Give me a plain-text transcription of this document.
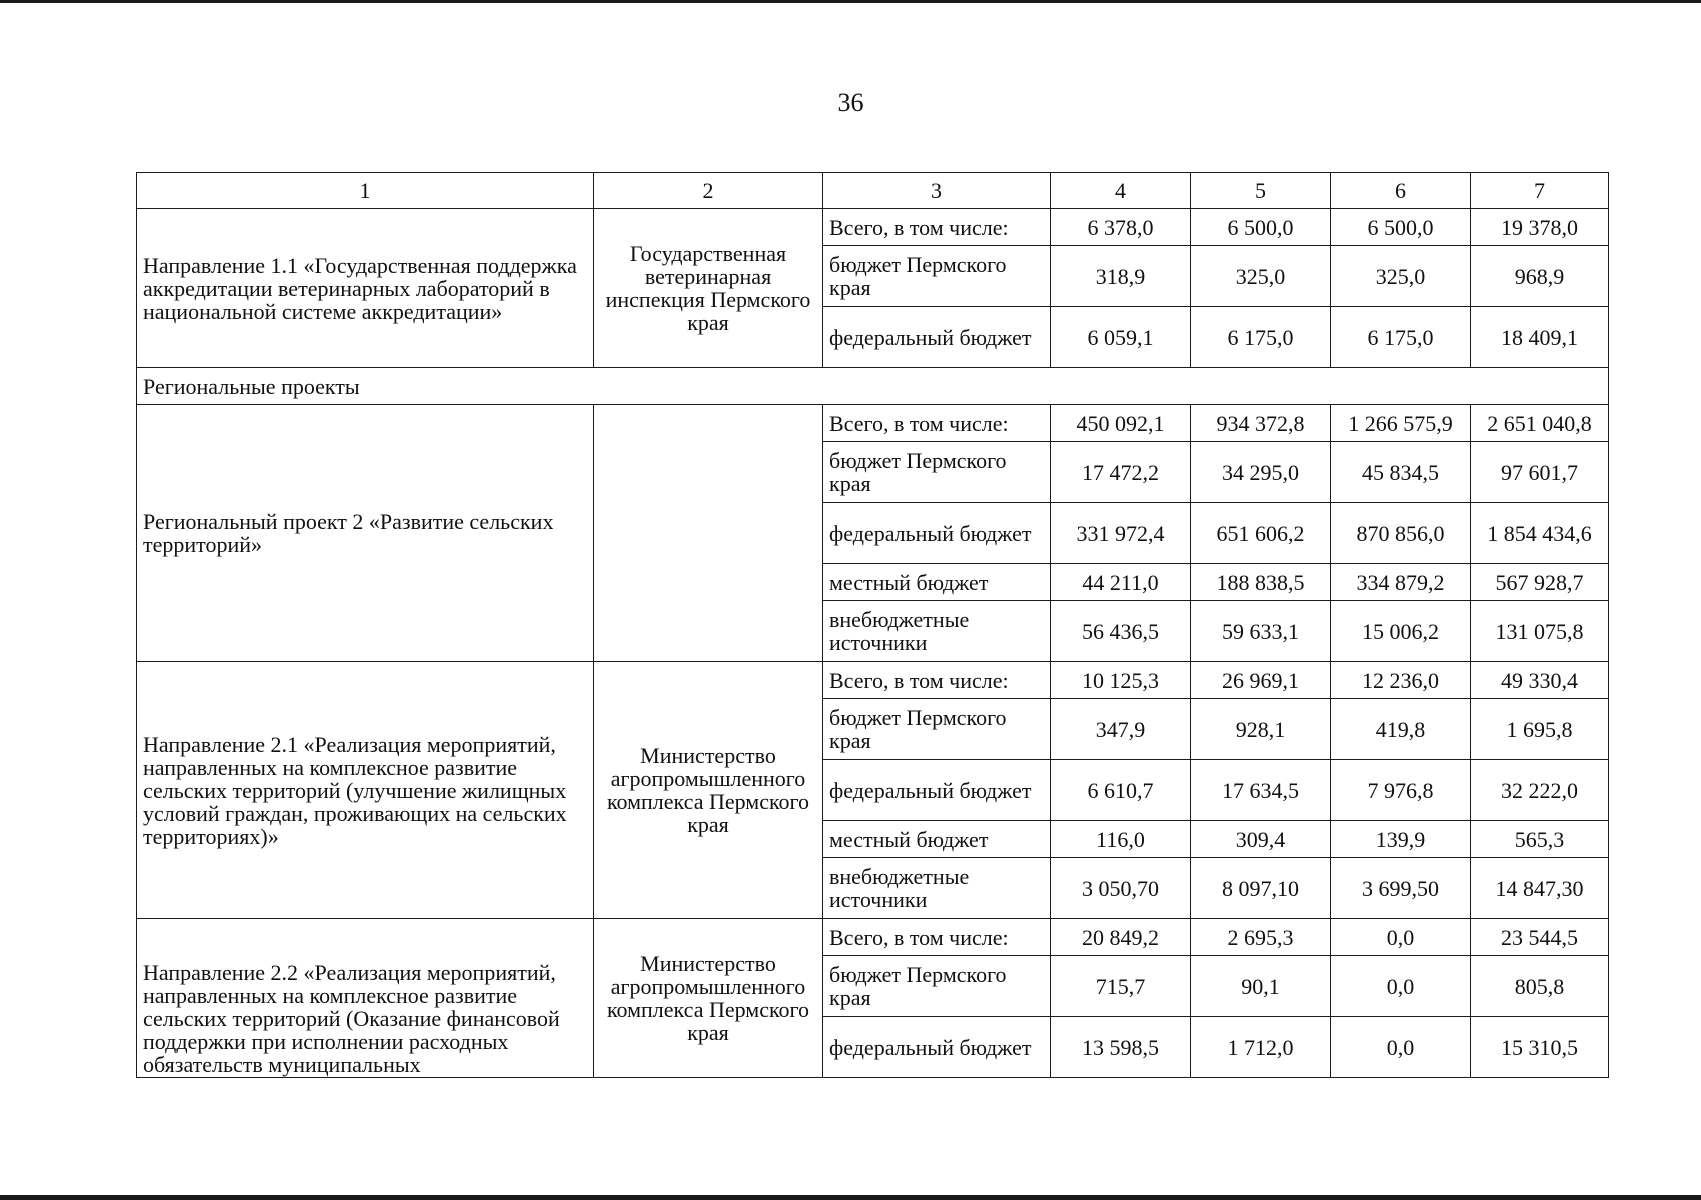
36
1	2	3	4	5	6	7
Направление 1.1 «Государственная поддержка аккредитации ветеринарных лабораторий в национальной системе аккредитации»	Государственная ветеринарная инспекция Пермского края	Всего, в том числе:	6 378,0	6 500,0	6 500,0	19 378,0
		бюджет Пермского края	318,9	325,0	325,0	968,9
		федеральный бюджет	6 059,1	6 175,0	6 175,0	18 409,1
Региональные проекты						
Региональный проект 2 «Развитие сельских территорий»		Всего, в том числе:	450 092,1	934 372,8	1 266 575,9	2 651 040,8
		бюджет Пермского края	17 472,2	34 295,0	45 834,5	97 601,7
		федеральный бюджет	331 972,4	651 606,2	870 856,0	1 854 434,6
		местный бюджет	44 211,0	188 838,5	334 879,2	567 928,7
		внебюджетные источники	56 436,5	59 633,1	15 006,2	131 075,8
Направление 2.1 «Реализация мероприятий, направленных на комплексное развитие сельских территорий (улучшение жилищных условий граждан, проживающих на сельских территориях)»	Министерство агропромышленного комплекса Пермского края	Всего, в том числе:	10 125,3	26 969,1	12 236,0	49 330,4
		бюджет Пермского края	347,9	928,1	419,8	1 695,8
		федеральный бюджет	6 610,7	17 634,5	7 976,8	32 222,0
		местный бюджет	116,0	309,4	139,9	565,3
		внебюджетные источники	3 050,70	8 097,10	3 699,50	14 847,30
Направление 2.2 «Реализация мероприятий, направленных на комплексное развитие сельских территорий (Оказание финансовой поддержки при исполнении расходных обязательств муниципальных	Министерство агропромышленного комплекса Пермского края	Всего, в том числе:	20 849,2	2 695,3	0,0	23 544,5
		бюджет Пермского края	715,7	90,1	0,0	805,8
		федеральный бюджет	13 598,5	1 712,0	0,0	15 310,5
